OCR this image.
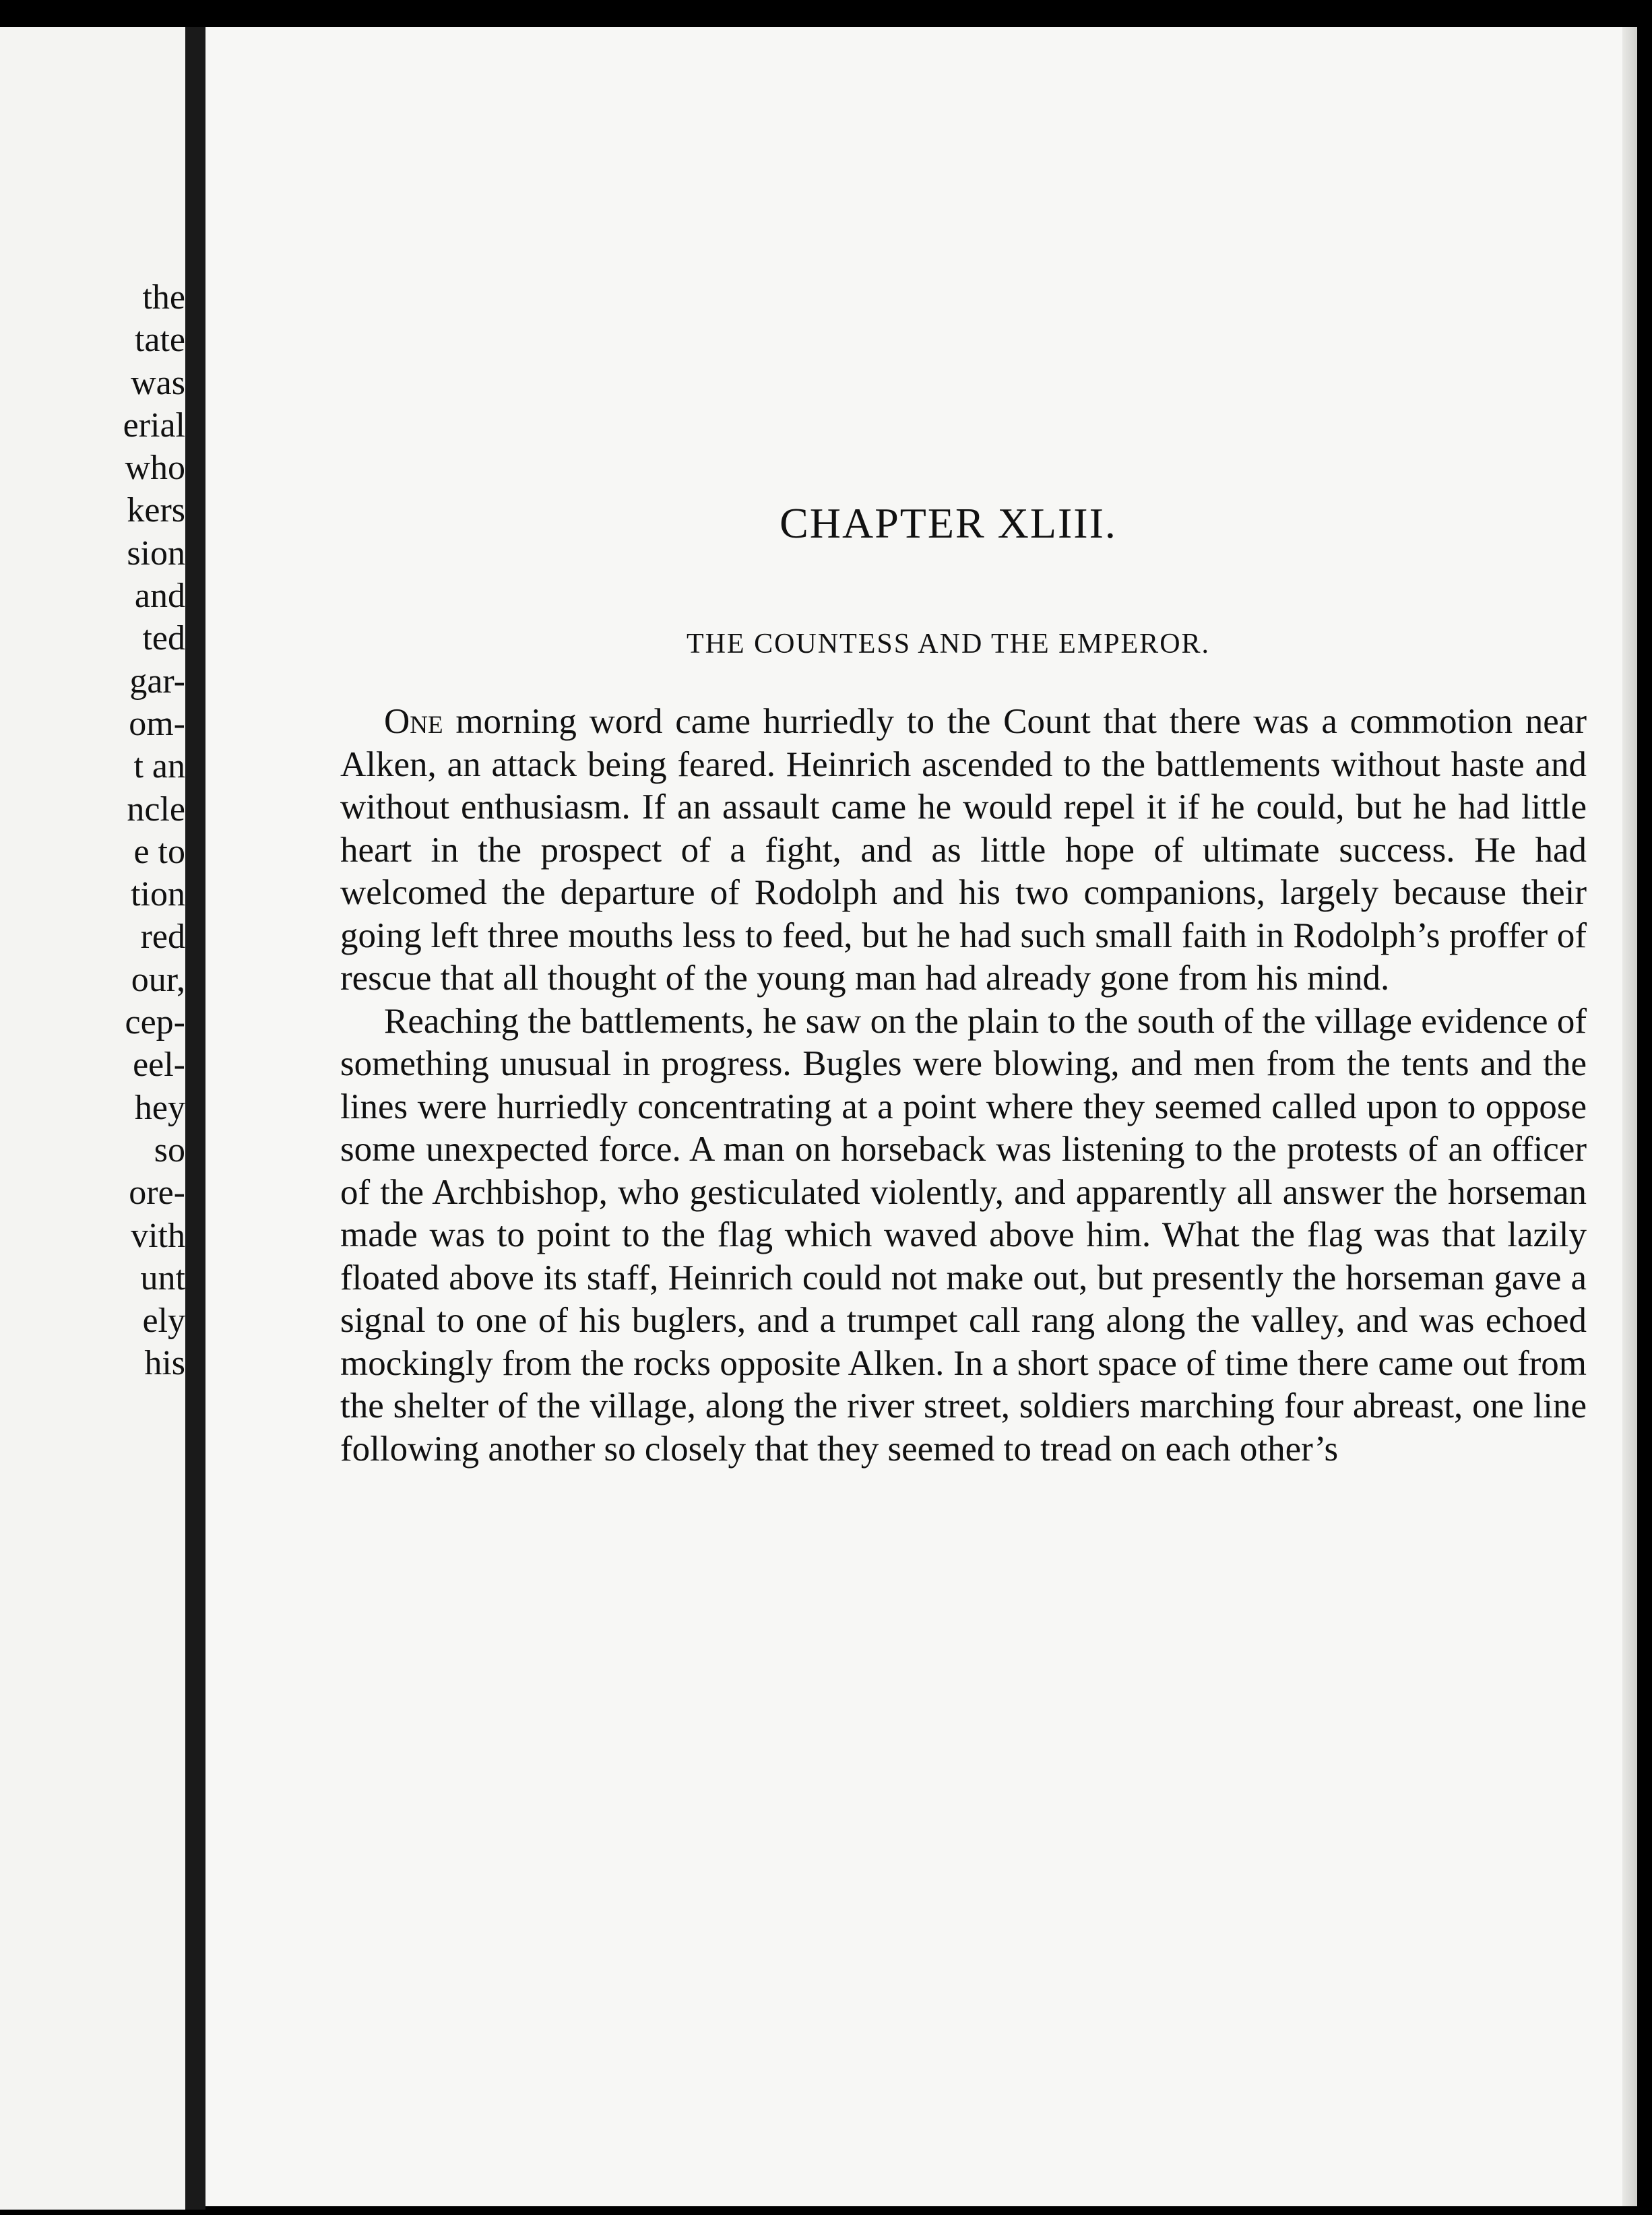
the
tate
was
erial
who
kers
sion
and
ted
gar-
om-
t an
ncle
e to
tion
red
our,
cep-
eel-
hey
so
ore-
vith
unt
ely
his
CHAPTER XLIII.
THE COUNTESS AND THE EMPEROR.

One morning word came hurriedly to the Count that there was a commotion near Alken, an attack being feared. Heinrich ascended to the battlements without haste and without enthusiasm. If an assault came he would repel it if he could, but he had little heart in the prospect of a fight, and as little hope of ultimate success. He had welcomed the departure of Rodolph and his two companions, largely because their going left three mouths less to feed, but he had such small faith in Rodolph’s proffer of rescue that all thought of the young man had already gone from his mind.

Reaching the battlements, he saw on the plain to the south of the village evidence of something unusual in progress. Bugles were blowing, and men from the tents and the lines were hurriedly concentrating at a point where they seemed called upon to oppose some unexpected force. A man on horseback was listening to the protests of an officer of the Archbishop, who gesticulated violently, and apparently all answer the horseman made was to point to the flag which waved above him. What the flag was that lazily floated above its staff, Heinrich could not make out, but presently the horseman gave a signal to one of his buglers, and a trumpet call rang along the valley, and was echoed mockingly from the rocks opposite Alken. In a short space of time there came out from the shelter of the village, along the river street, soldiers marching four abreast, one line following another so closely that they seemed to tread on each other’s
